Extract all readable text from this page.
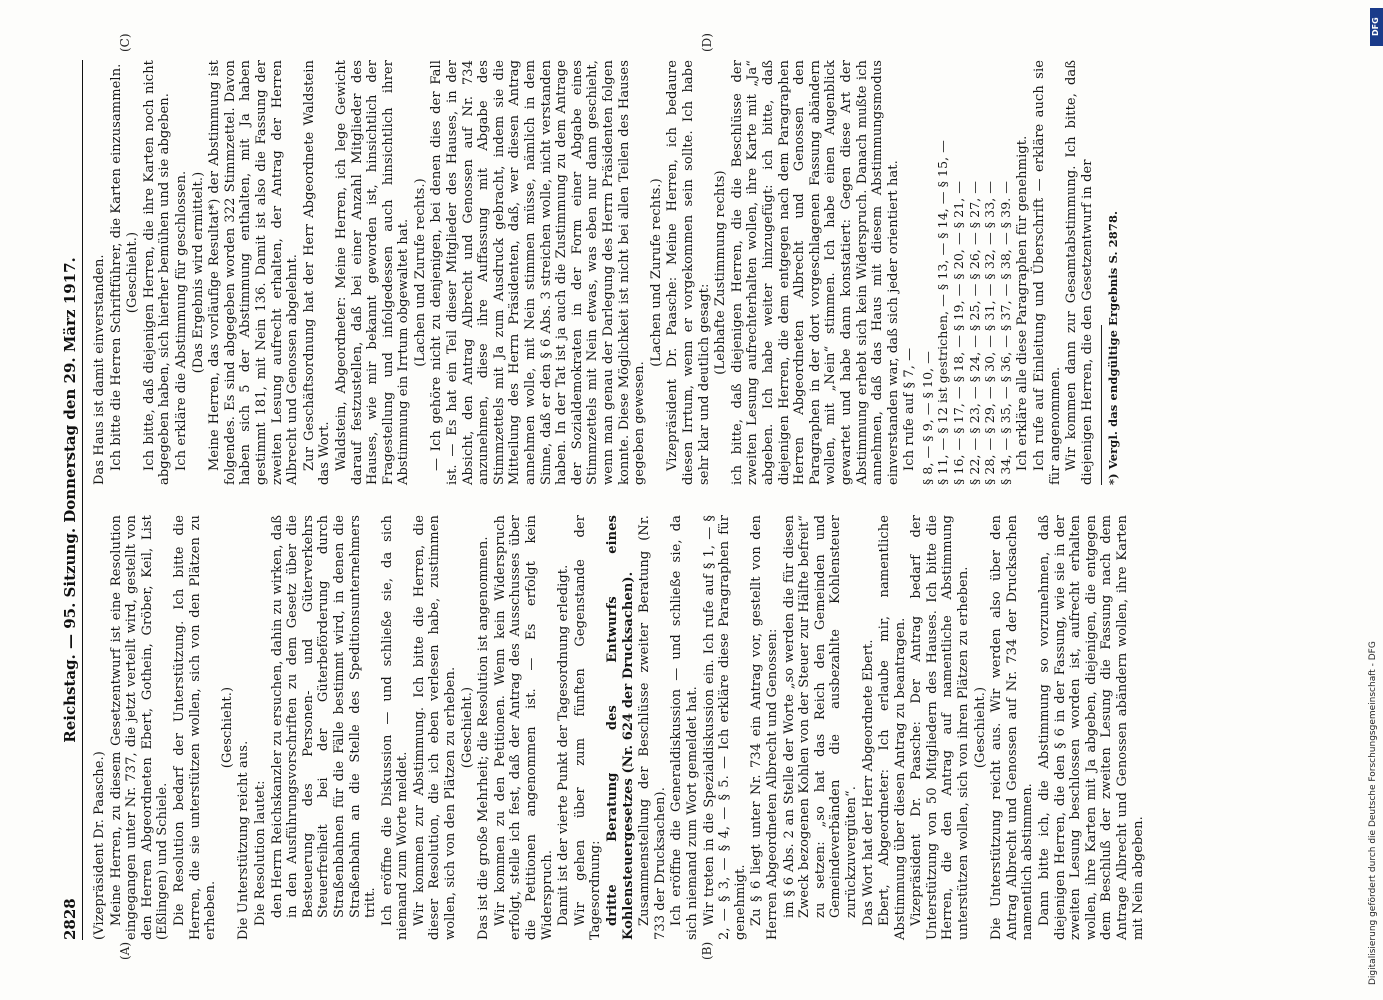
2828
Reichstag. — 95. Sitzung. Donnerstag den 29. März 1917.
(A)	(B)
(C)	(D)

(Vizepräsident Dr. Paasche.) Meine Herren, zu diesem Gesetzentwurf ist eine Resolution eingegangen unter Nr. 737, die jetzt verteilt wird, gestellt von den Herren Abgeordneten Ebert, Gothein, Gröber, Keil, List (Eßlingen) und Schiele. Die Resolution bedarf der Unterstützung. Ich bitte die Herren, die sie unterstützen wollen, sich von den Plätzen zu erheben.

(Geschieht.)

Die Unterstützung reicht aus. Die Resolution lautet: den Herrn Reichskanzler zu ersuchen, dahin zu wirken, daß in den Ausführungsvorschriften zu dem Gesetz über die Besteuerung des Personen- und Güterverkehrs Steuerfreiheit bei der Güterbeförderung durch Straßenbahnen für die Fälle bestimmt wird, in denen die Straßenbahn an die Stelle des Speditionsunternehmers tritt. Ich eröffne die Diskussion — und schließe sie, da sich niemand zum Worte meldet. Wir kommen zur Abstimmung. Ich bitte die Herren, die dieser Resolution, die ich eben verlesen habe, zustimmen wollen, sich von den Plätzen zu erheben. (Geschieht.) Das ist die große Mehrheit; die Resolution ist angenommen. Wir kommen zu den Petitionen. Wenn kein Widerspruch erfolgt, stelle ich fest, daß der Antrag des Ausschusses über die Petitionen angenommen ist. — Es erfolgt kein Widerspruch. Damit ist der vierte Punkt der Tagesordnung erledigt. Wir gehen über zum fünften Gegenstande der Tagesordnung: dritte Beratung des Entwurfs eines Kohlensteuergesetzes (Nr. 624 der Drucksachen). Zusammenstellung der Beschlüsse zweiter Beratung (Nr. 733 der Drucksachen). Ich eröffne die Generaldiskussion — und schließe sie, da sich niemand zum Wort gemeldet hat. Wir treten in die Spezialdiskussion ein. Ich rufe auf § 1, — § 2, — § 3, — § 4, — § 5. — Ich erkläre diese Paragraphen für genehmigt. Zu § 6 liegt unter Nr. 734 ein Antrag vor, gestellt von den Herren Abgeordneten Albrecht und Genossen: im § 6 Abs. 2 an Stelle der Worte „so werden die für diesen Zweck bezogenen Kohlen von der Steuer zur Hälfte befreit“ zu setzen: „so hat das Reich den Gemeinden und Gemeindeverbänden die ausbezahlte Kohlensteuer zurückzuvergüten“. Das Wort hat der Herr Abgeordnete Ebert. Ebert, Abgeordneter: Ich erlaube mir, namentliche Abstimmung über diesen Antrag zu beantragen. Vizepräsident Dr. Paasche: Der Antrag bedarf der Unterstützung von 50 Mitgliedern des Hauses. Ich bitte die Herren, die den Antrag auf namentliche Abstimmung unterstützen wollen, sich von ihren Plätzen zu erheben. (Geschieht.) Die Unterstützung reicht aus. Wir werden also über den Antrag Albrecht und Genossen auf Nr. 734 der Drucksachen namentlich abstimmen. Dann bitte ich, die Abstimmung so vorzunehmen, daß diejenigen Herren, die den § 6 in der Fassung, wie sie in der zweiten Lesung beschlossen worden ist, aufrecht erhalten wollen, ihre Karten mit Ja abgeben, diejenigen, die entgegen dem Beschluß der zweiten Lesung die Fassung nach dem Antrage Albrecht und Genossen abändern wollen, ihre Karten mit Nein abgeben.

Das Haus ist damit einverstanden. Ich bitte die Herren Schriftführer, die Karten einzusammeln. (Geschieht.) Ich bitte, daß diejenigen Herren, die ihre Karten noch nicht abgegeben haben, sich hierher bemühen und sie abgeben. Ich erkläre die Abstimmung für geschlossen. (Das Ergebnis wird ermittelt.) Meine Herren, das vorläufige Resultat*) der Abstimmung ist folgendes. Es sind abgegeben worden 322 Stimmzettel. Davon haben sich 5 der Abstimmung enthalten, mit Ja haben gestimmt 181, mit Nein 136. Damit ist also die Fassung der zweiten Lesung aufrecht erhalten, der Antrag der Herren Albrecht und Genossen abgelehnt. Zur Geschäftsordnung hat der Herr Abgeordnete Waldstein das Wort. Waldstein, Abgeordneter: Meine Herren, ich lege Gewicht darauf festzustellen, daß bei einer Anzahl Mitglieder des Hauses, wie mir bekannt geworden ist, hinsichtlich der Fragestellung und infolgedessen auch hinsichtlich ihrer Abstimmung ein Irrtum obgewaltet hat. (Lachen und Zurufe rechts.) — Ich gehöre nicht zu denjenigen, bei denen dies der Fall ist. — Es hat ein Teil dieser Mitglieder des Hauses, in der Absicht, den Antrag Albrecht und Genossen auf Nr. 734 anzunehmen, diese ihre Auffassung mit Abgabe des Stimmzettels mit Ja zum Ausdruck gebracht, indem sie die Mitteilung des Herrn Präsidenten, daß, wer diesen Antrag annehmen wolle, mit Nein stimmen müsse, nämlich in dem Sinne, daß er den § 6 Abs. 3 streichen wolle, nicht verstanden haben. In der Tat ist ja auch die Zustimmung zu dem Antrage der Sozialdemokraten in der Form einer Abgabe eines Stimmzettels mit Nein etwas, was eben nur dann geschieht, wenn man genau der Darlegung des Herrn Präsidenten folgen konnte. Diese Möglichkeit ist nicht bei allen Teilen des Hauses gegeben gewesen.

(Lachen und Zurufe rechts.) Vizepräsident Dr. Paasche: Meine Herren, ich bedaure diesen Irrtum, wenn er vorgekommen sein sollte. Ich habe sehr klar und deutlich gesagt:

(Lebhafte Zustimmung rechts) ich bitte, daß diejenigen Herren, die die Beschlüsse der zweiten Lesung aufrechterhalten wollen, ihre Karte mit „Ja“ abgeben. Ich habe weiter hinzugefügt: ich bitte, daß diejenigen Herren, die dem entgegen nach dem Paragraphen Herren Abgeordneten Albrecht und Genossen den Paragraphen in der dort vorgeschlagenen Fassung abändern wollen, mit „Nein“ stimmen. Ich habe einen Augenblick gewartet und habe dann konstatiert: Gegen diese Art der Abstimmung erhebt sich kein Widerspruch. Danach mußte ich annehmen, daß das Haus mit diesem Abstimmungsmodus einverstanden war, daß sich jeder orientiert hat. Ich rufe auf § 7, — § 8, — § 9, — § 10, — § 11, — § 12 ist gestrichen, — § 13, — § 14, — § 15, — § 16, — § 17, — § 18, — § 19, — § 20, — § 21, — § 22, — § 23, — § 24, — § 25, — § 26, — § 27, — § 28, — § 29, — § 30, — § 31, — § 32, — § 33, — § 34, — § 35, — § 36, — § 37, — § 38, — § 39. — Ich erkläre alle diese Paragraphen für genehmigt. Ich rufe auf Einleitung und Überschrift — erkläre auch sie für angenommen. Wir kommen dann zur Gesamtabstimmung. Ich bitte, daß diejenigen Herren, die den Gesetzentwurf in der *) Vergl. das endgültige Ergebnis S. 2878.
Digitalisierung gefördert durch die Deutsche Forschungsgemeinschaft - DFG
DFG
